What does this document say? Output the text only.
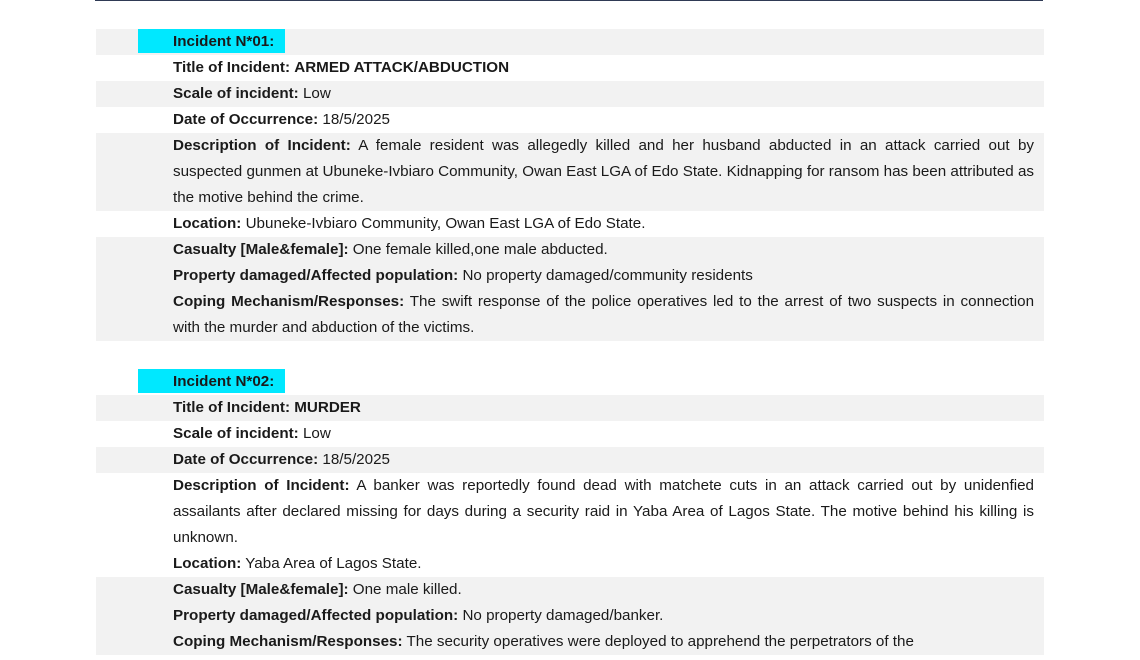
Incident N*01:
Title of Incident: ARMED ATTACK/ABDUCTION
Scale of incident: Low
Date of Occurrence: 18/5/2025
Description of Incident: A female resident was allegedly killed and her husband abducted in an attack carried out by suspected gunmen at Ubuneke-Ivbiaro Community, Owan East LGA of Edo State. Kidnapping for ransom has been attributed as the motive behind the crime.
Location: Ubuneke-Ivbiaro Community, Owan East LGA of Edo State.
Casualty [Male&female]: One female killed,one male abducted.
Property damaged/Affected population: No property damaged/community residents
Coping Mechanism/Responses: The swift response of the police operatives led to the arrest of two suspects in connection with the murder and abduction of the victims.
Incident N*02:
Title of Incident: MURDER
Scale of incident: Low
Date of Occurrence: 18/5/2025
Description of Incident: A banker was reportedly found dead with matchete cuts in an attack carried out by unidenfied assailants after declared missing for days during a security raid in Yaba Area of Lagos State. The motive behind his killing is unknown.
Location: Yaba Area of Lagos State.
Casualty [Male&female]: One male killed.
Property damaged/Affected population: No property damaged/banker.
Coping Mechanism/Responses: The security operatives were deployed to apprehend the perpetrators of the
